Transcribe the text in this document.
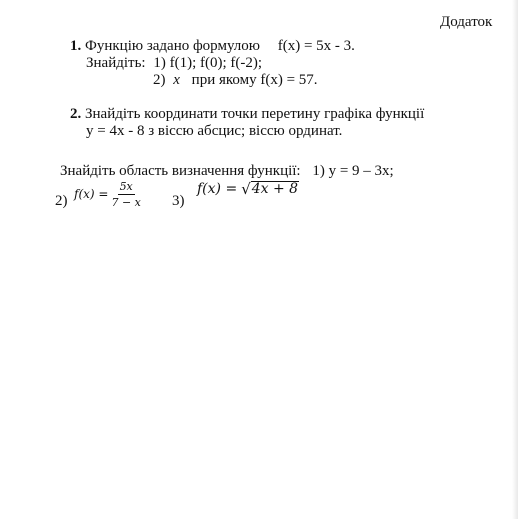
Додаток
1. Функцію задано формулою f(x) = 5x - 3.
Знайдіть: 1) f(1); f(0); f(-2);
2) x при якому f(x) = 57.
2. Знайдіть координати точки перетину графіка функції
y = 4x - 8 з віссю абсцис; віссю ординат.
Знайдіть область визначення функції: 1) y = 9 – 3x;
2) $f(x) = \frac{5x}{7 - x} 3$)
f(x) = √ 4x + 8
